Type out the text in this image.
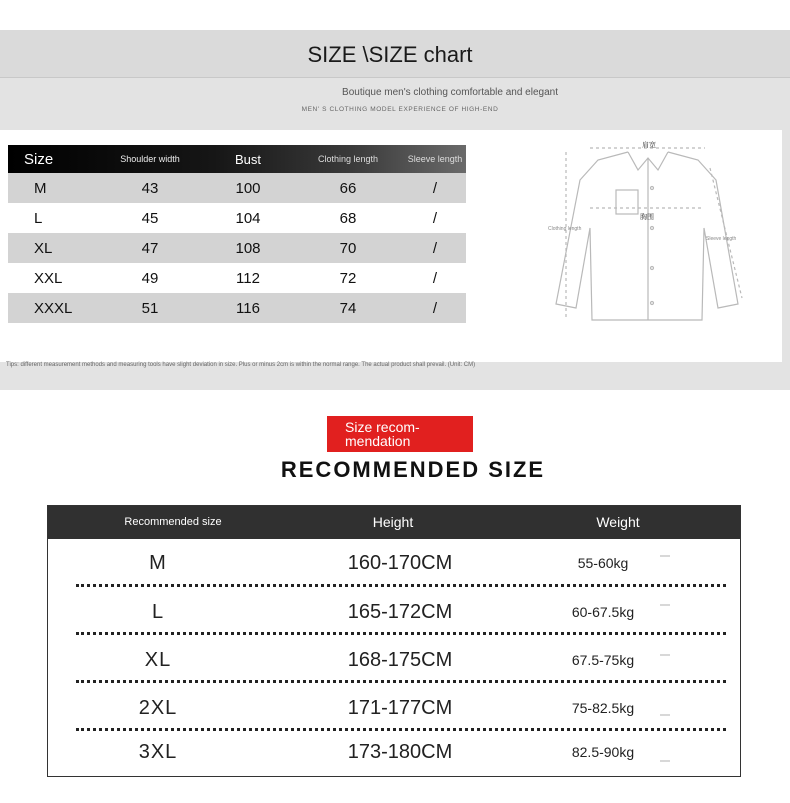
SIZE \SIZE chart
Boutique men's clothing comfortable and elegant
MEN' S CLOTHING MODEL EXPERIENCE OF HIGH-END
Size	Shoulder width	Bust	Clothing length	Sleeve length
M	43	100	66	/
L	45	104	68	/
XL	47	108	70	/
XXL	49	112	72	/
XXXL	51	116	74	/
肩宽
胸围
Clothing length
Sleeve length
Tips: different measurement methods and measuring tools have slight deviation in size. Plus or minus 2cm is within the normal range. The actual product shall prevail. (Unit: CM)
Size recom-
mendation
RECOMMENDED SIZE
Recommended size	Height	Weight
M	160-170CM	55-60kg
L	165-172CM	60-67.5kg
XL	168-175CM	67.5-75kg
2XL	171-177CM	75-82.5kg
3XL	173-180CM	82.5-90kg
